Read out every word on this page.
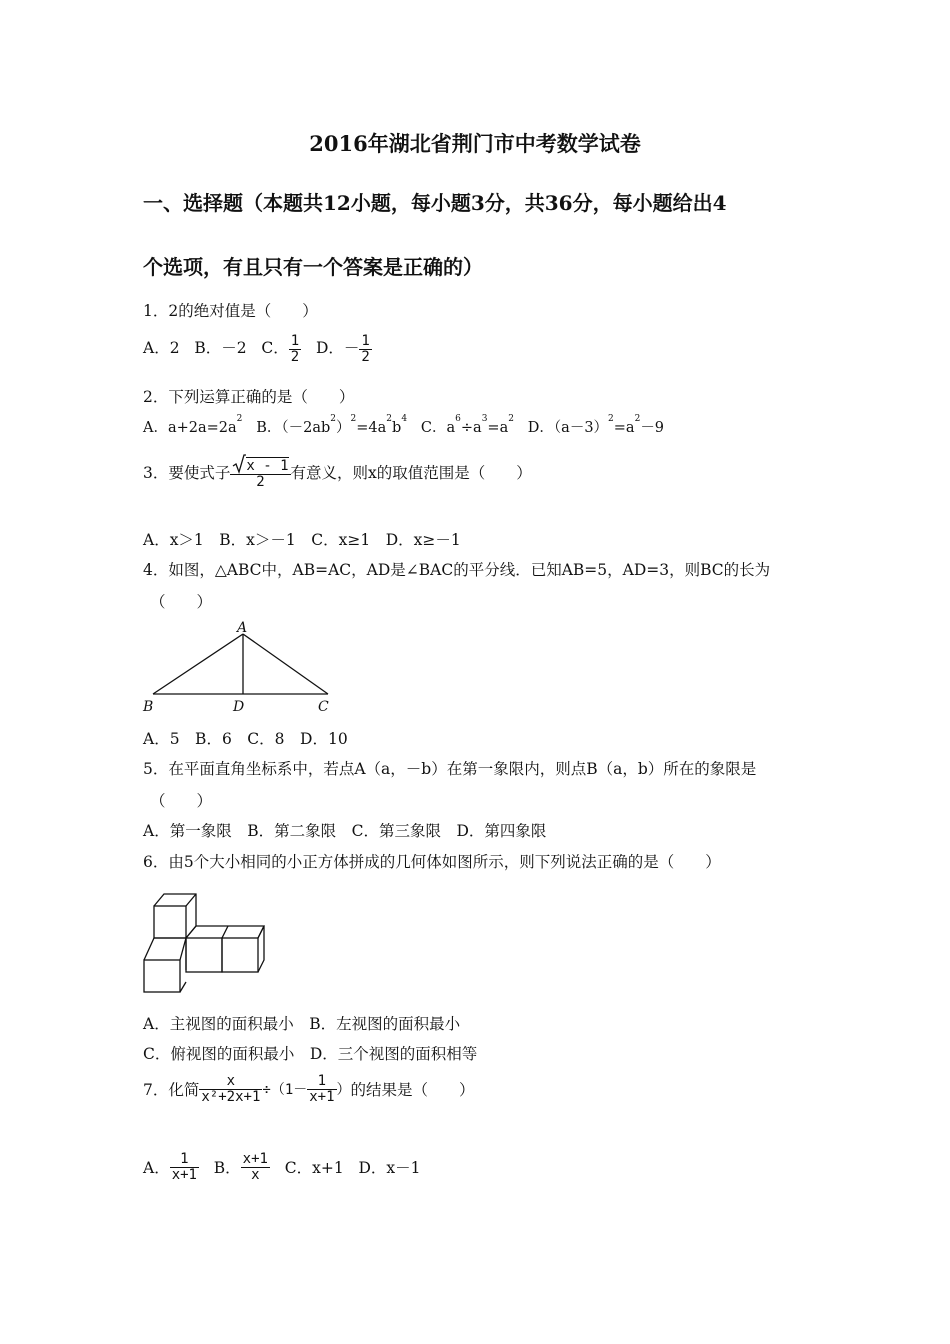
2016年湖北省荆门市中考数学试卷
一、选择题（本题共12小题，每小题3分，共36分，每小题给出4
个选项，有且只有一个答案是正确的）
1．2的绝对值是（　　）
A．2 B．－2 C． $\frac{1}{2}$ D．－ $\frac{1}{2}$
2．下列运算正确的是（　　）
A．$a+2a=2a^2$   B．$(-2ab^2)^2=4a^2b^4$   C．$a^6\div a^3=a^2$   D．$(a-3)^2=a^2-9$
3．要使式子 $\frac{x - 1}{2}$ 有意义，则x的取值范围是（　　）
A．x＞1　B．x＞－1　C．x≥1　D．x≥－1
4．如图，△ABC中，AB=AC，AD是∠BAC的平分线．已知AB=5，AD=3，则BC的长为
（　　）
A
B	D	C
A．5　B．6　C．8　D．10
5．在平面直角坐标系中，若点A（a，－b）在第一象限内，则点B（a，b）所在的象限是
（　　）
A．第一象限　B．第二象限　C．第三象限　D．第四象限
6．由5个大小相同的小正方体拼成的几何体如图所示，则下列说法正确的是（　　）
A．主视图的面积最小　B．左视图的面积最小
C．俯视图的面积最小　D．三个视图的面积相等
7．化简 $\frac{x}{\text{x²+2x+1}} \div(1- \frac{1}{x+1}$ ）的结果是（　　）
A． $\frac{1}{x+1}$ B． $\frac{x+1}{x}$ C．x+1 D．x－1
